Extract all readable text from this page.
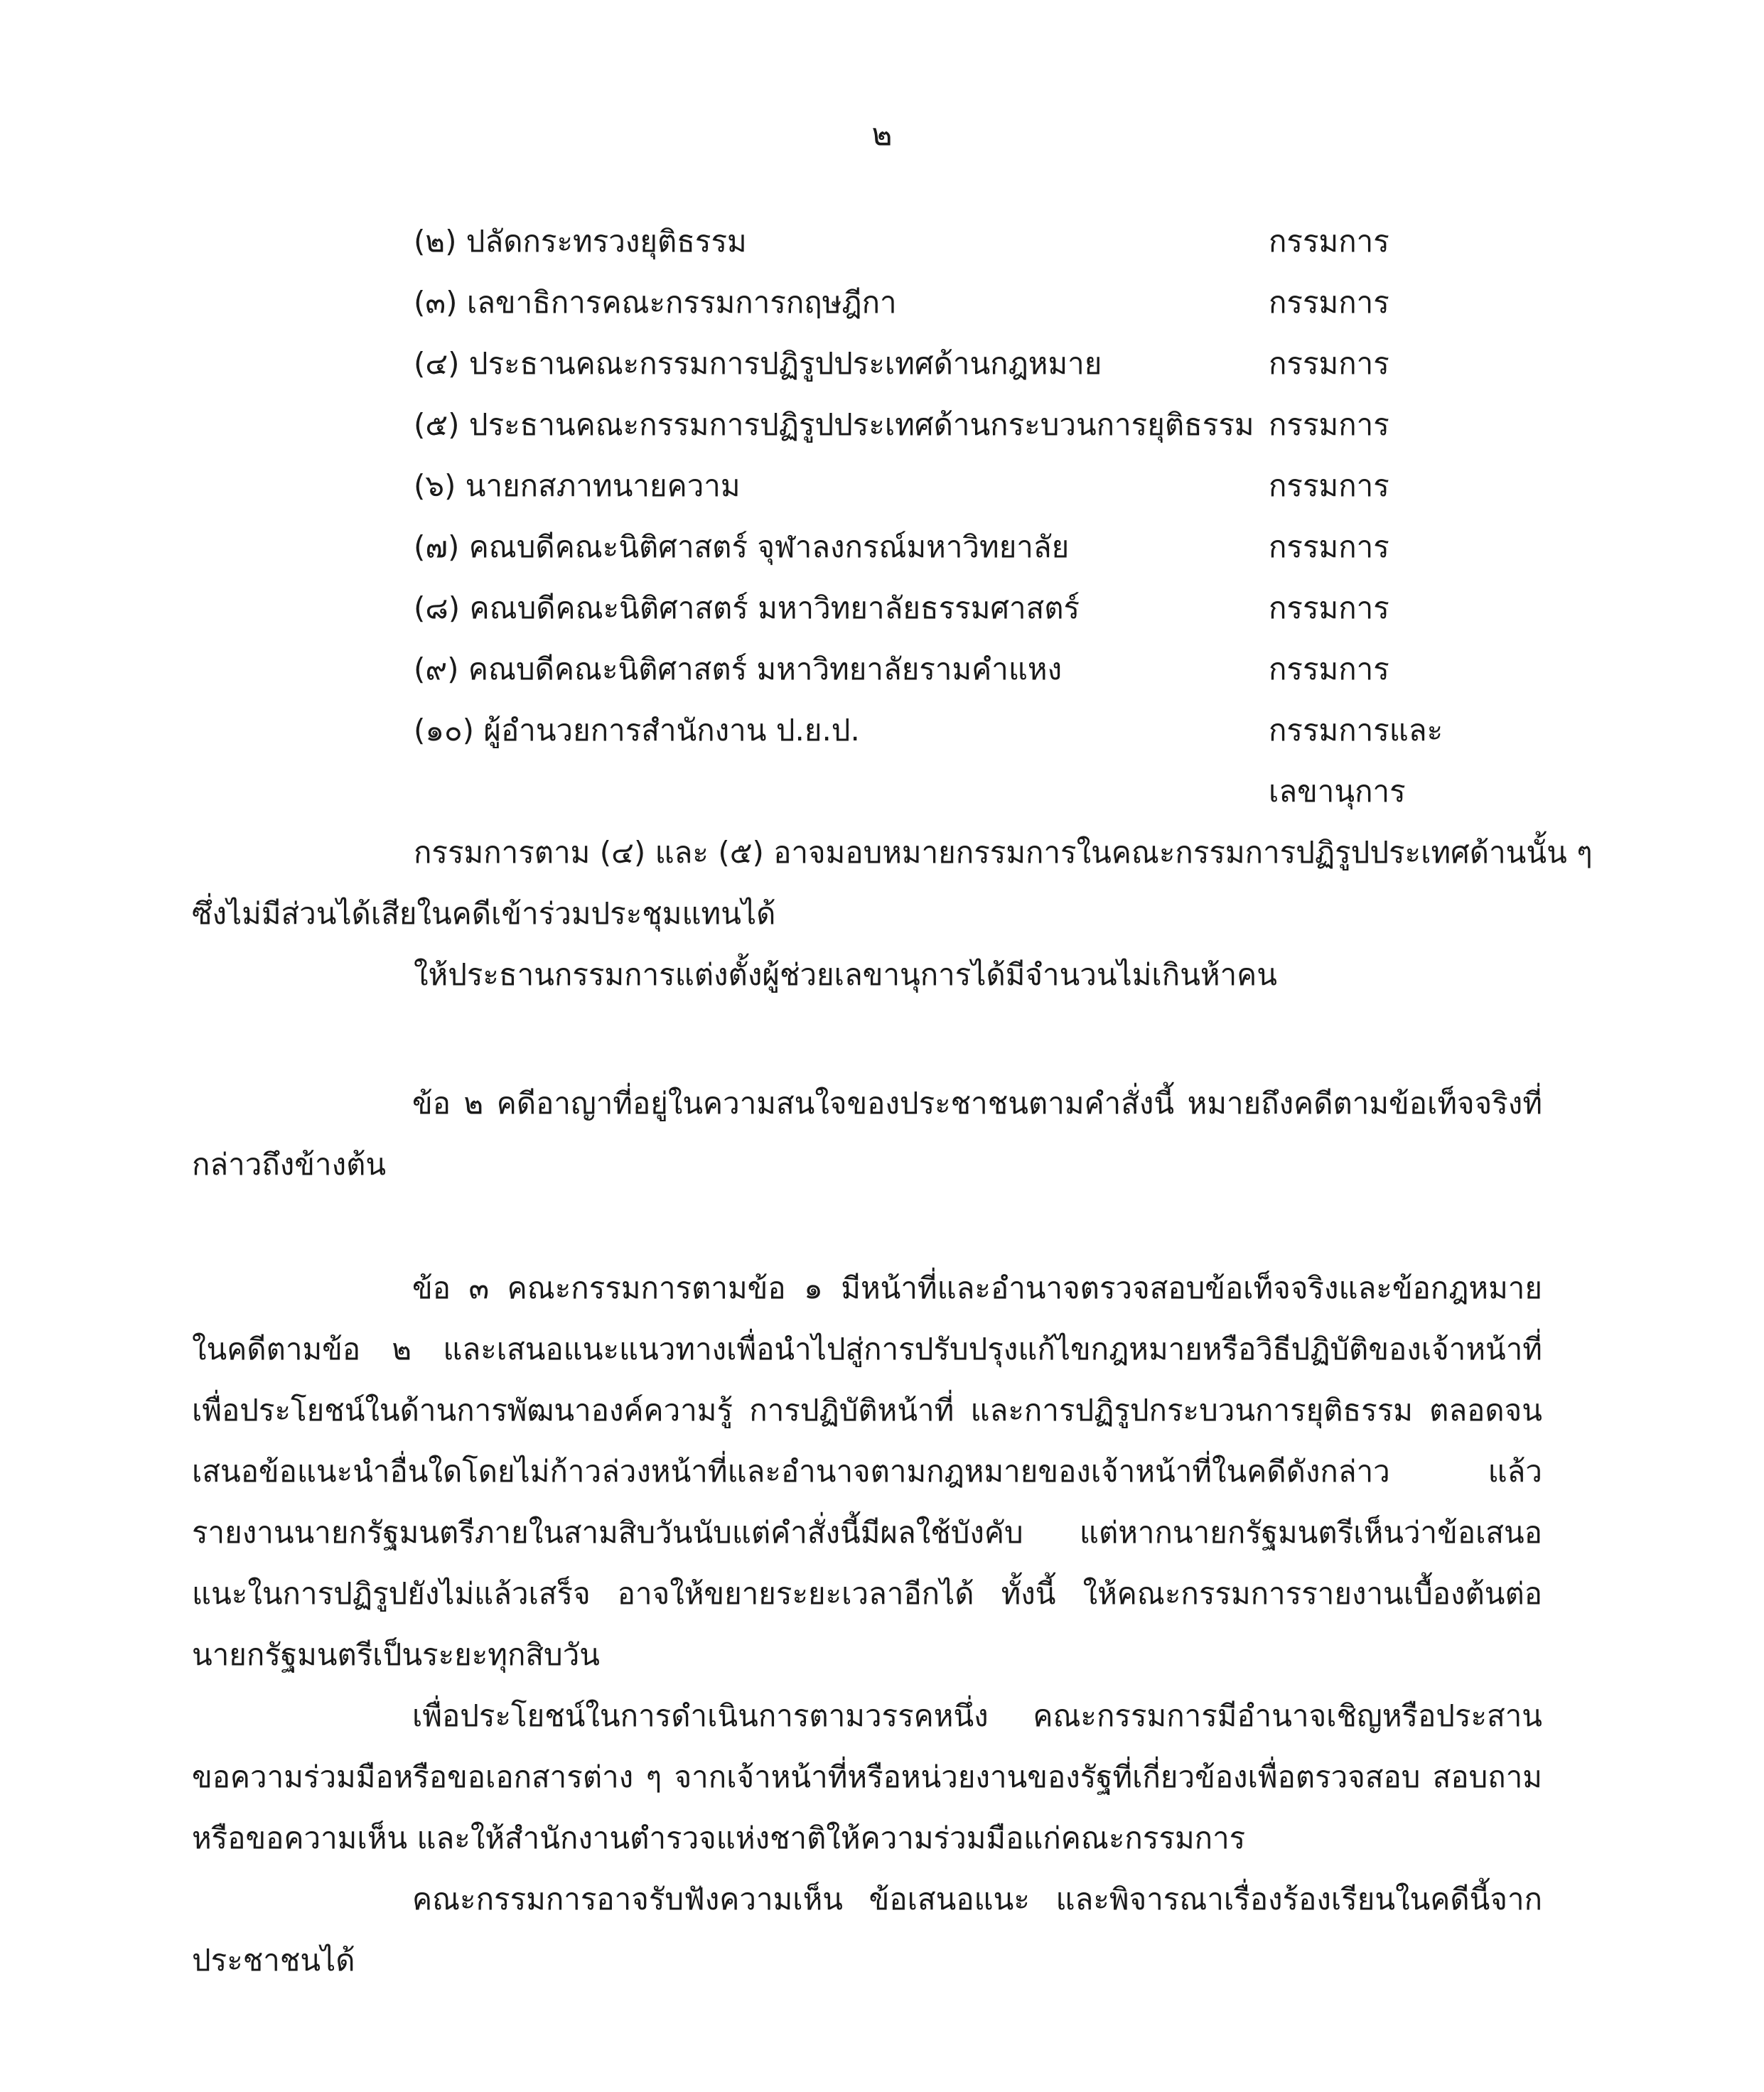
๒
(๒) ปลัดกระทรวงยุติธรรม	กรรมการ
(๓) เลขาธิการคณะกรรมการกฤษฎีกา	กรรมการ
(๔) ประธานคณะกรรมการปฏิรูปประเทศด้านกฎหมาย	กรรมการ
(๕) ประธานคณะกรรมการปฏิรูปประเทศด้านกระบวนการยุติธรรม กรรมการ
(๖) นายกสภาทนายความ	กรรมการ
(๗) คณบดีคณะนิติศาสตร์ จุฬาลงกรณ์มหาวิทยาลัย	กรรมการ
(๘) คณบดีคณะนิติศาสตร์ มหาวิทยาลัยธรรมศาสตร์	กรรมการ
(๙) คณบดีคณะนิติศาสตร์ มหาวิทยาลัยรามคำแหง	กรรมการ
(๑๐) ผู้อำนวยการสำนักงาน ป.ย.ป.	กรรมการและ
เลขานุการ
กรรมการตาม (๔) และ (๕) อาจมอบหมายกรรมการในคณะกรรมการปฏิรูปประเทศด้านนั้น ๆ
ซึ่งไม่มีส่วนได้เสียในคดีเข้าร่วมประชุมแทนได้
ให้ประธานกรรมการแต่งตั้งผู้ช่วยเลขานุการได้มีจำนวนไม่เกินห้าคน
ข้อ ๒ คดีอาญาที่อยู่ในความสนใจของประชาชนตามคำสั่งนี้ หมายถึงคดีตามข้อเท็จจริงที่กล่าวถึงข้างต้น
ข้อ ๓ คณะกรรมการตามข้อ ๑ มีหน้าที่และอำนาจตรวจสอบข้อเท็จจริงและข้อกฎหมายในคดีตามข้อ ๒ และเสนอแนะแนวทางเพื่อนำไปสู่การปรับปรุงแก้ไขกฎหมายหรือวิธีปฏิบัติของเจ้าหน้าที่เพื่อประโยชน์ในด้านการพัฒนาองค์ความรู้ การปฏิบัติหน้าที่ และการปฏิรูปกระบวนการยุติธรรม ตลอดจนเสนอข้อแนะนำอื่นใดโดยไม่ก้าวล่วงหน้าที่และอำนาจตามกฎหมายของเจ้าหน้าที่ในคดีดังกล่าว แล้วรายงานนายกรัฐมนตรีภายในสามสิบวันนับแต่คำสั่งนี้มีผลใช้บังคับ แต่หากนายกรัฐมนตรีเห็นว่าข้อเสนอแนะในการปฏิรูปยังไม่แล้วเสร็จ อาจให้ขยายระยะเวลาอีกได้ ทั้งนี้ ให้คณะกรรมการรายงานเบื้องต้นต่อนายกรัฐมนตรีเป็นระยะทุกสิบวัน
เพื่อประโยชน์ในการดำเนินการตามวรรคหนึ่ง คณะกรรมการมีอำนาจเชิญหรือประสานขอความร่วมมือหรือขอเอกสารต่าง ๆ จากเจ้าหน้าที่หรือหน่วยงานของรัฐที่เกี่ยวข้องเพื่อตรวจสอบ สอบถามหรือขอความเห็น และให้สำนักงานตำรวจแห่งชาติให้ความร่วมมือแก่คณะกรรมการ
คณะกรรมการอาจรับฟังความเห็น ข้อเสนอแนะ และพิจารณาเรื่องร้องเรียนในคดีนี้จากประชาชนได้
